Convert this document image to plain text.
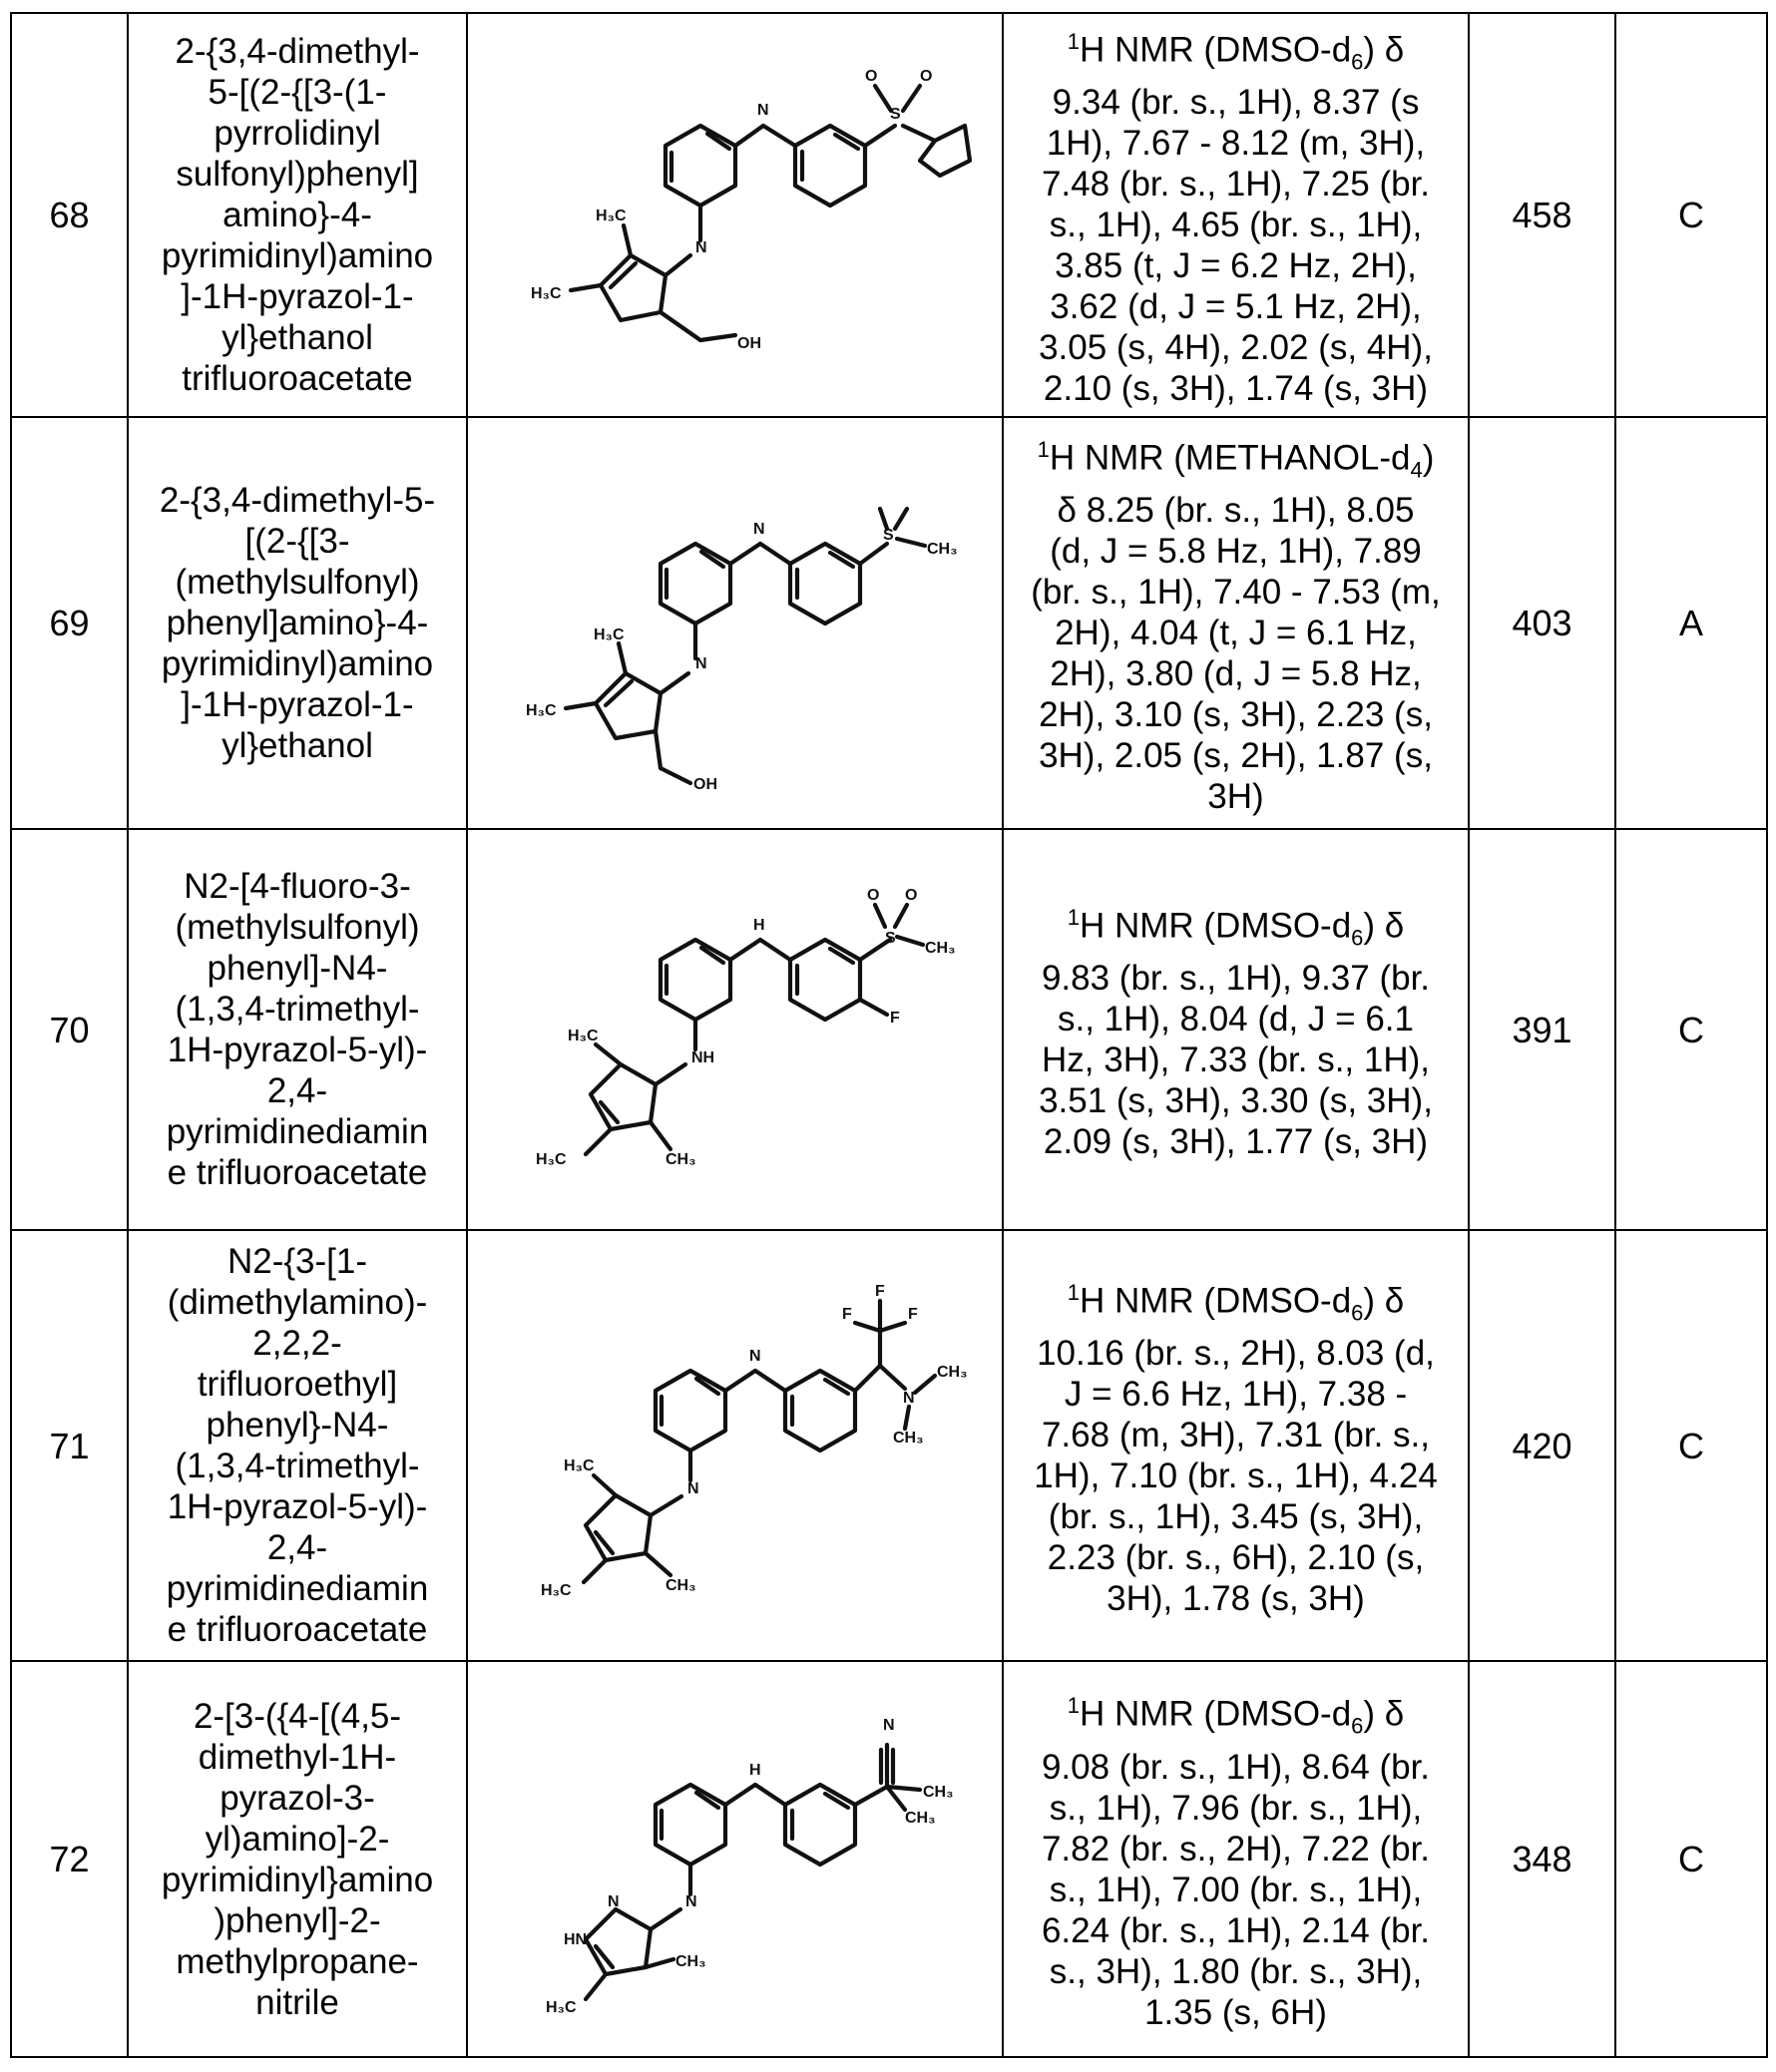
68	
2-{3,4-dimethyl-
5-[(2-{[3-(1-
pyrrolidinyl
sulfonyl)phenyl]
amino}-4-
pyrimidinyl)amino
]-1H-pyrazol-1-
yl}ethanol
trifluoroacetate

N	S
O	O
N
H₃C
H₃C
OH

1H NMR (DMSO-d6) δ
9.34 (br. s., 1H), 8.37 (s
1H), 7.67 - 8.12 (m, 3H),
7.48 (br. s., 1H), 7.25 (br.
s., 1H), 4.65 (br. s., 1H),
3.85 (t, J = 6.2 Hz, 2H),
3.62 (d, J = 5.1 Hz, 2H),
3.05 (s, 4H), 2.02 (s, 4H),
2.10 (s, 3H), 1.74 (s, 3H)
	458	C
69	
2-{3,4-dimethyl-5-
[(2-{[3-
(methylsulfonyl)
phenyl]amino}-4-
pyrimidinyl)amino
]-1H-pyrazol-1-
yl}ethanol

N	S
CH₃
N
H₃C
H₃C
OH

1H NMR (METHANOL-d4)
δ 8.25 (br. s., 1H), 8.05
(d, J = 5.8 Hz, 1H), 7.89
(br. s., 1H), 7.40 - 7.53 (m,
2H), 4.04 (t, J = 6.1 Hz,
2H), 3.80 (d, J = 5.8 Hz,
2H), 3.10 (s, 3H), 2.23 (s,
3H), 2.05 (s, 2H), 1.87 (s,
3H)
	403	A
70	
N2-[4-fluoro-3-
(methylsulfonyl)
phenyl]-N4-
(1,3,4-trimethyl-
1H-pyrazol-5-yl)-
2,4-
pyrimidinediamin
e trifluoroacetate

H
S
O O
CH₃
F
NH
H₃C
H₃C	CH₃

1H NMR (DMSO-d6) δ
9.83 (br. s., 1H), 9.37 (br.
s., 1H), 8.04 (d, J = 6.1
Hz, 3H), 7.33 (br. s., 1H),
3.51 (s, 3H), 3.30 (s, 3H),
2.09 (s, 3H), 1.77 (s, 3H)
	391	C
71	
N2-{3-[1-
(dimethylamino)-
2,2,2-
trifluoroethyl]
phenyl}-N4-
(1,3,4-trimethyl-
1H-pyrazol-5-yl)-
2,4-
pyrimidinediamin
e trifluoroacetate

N
F	F
F
N
CH₃
CH₃
N
H₃C
H₃C	CH₃

1H NMR (DMSO-d6) δ
10.16 (br. s., 2H), 8.03 (d,
J = 6.6 Hz, 1H), 7.38 -
7.68 (m, 3H), 7.31 (br. s.,
1H), 7.10 (br. s., 1H), 4.24
(br. s., 1H), 3.45 (s, 3H),
2.23 (br. s., 6H), 2.10 (s,
3H), 1.78 (s, 3H)
	420	C
72	
2-[3-({4-[(4,5-
dimethyl-1H-
pyrazol-3-
yl)amino]-2-
pyrimidinyl}amino
)phenyl]-2-
methylpropane-
nitrile

H
N
CH₃
CH₃
N
N
HN
H₃C
CH₃

1H NMR (DMSO-d6) δ
9.08 (br. s., 1H), 8.64 (br.
s., 1H), 7.96 (br. s., 1H),
7.82 (br. s., 2H), 7.22 (br.
s., 1H), 7.00 (br. s., 1H),
6.24 (br. s., 1H), 2.14 (br.
s., 3H), 1.80 (br. s., 3H),
1.35 (s, 6H)
	348	C
